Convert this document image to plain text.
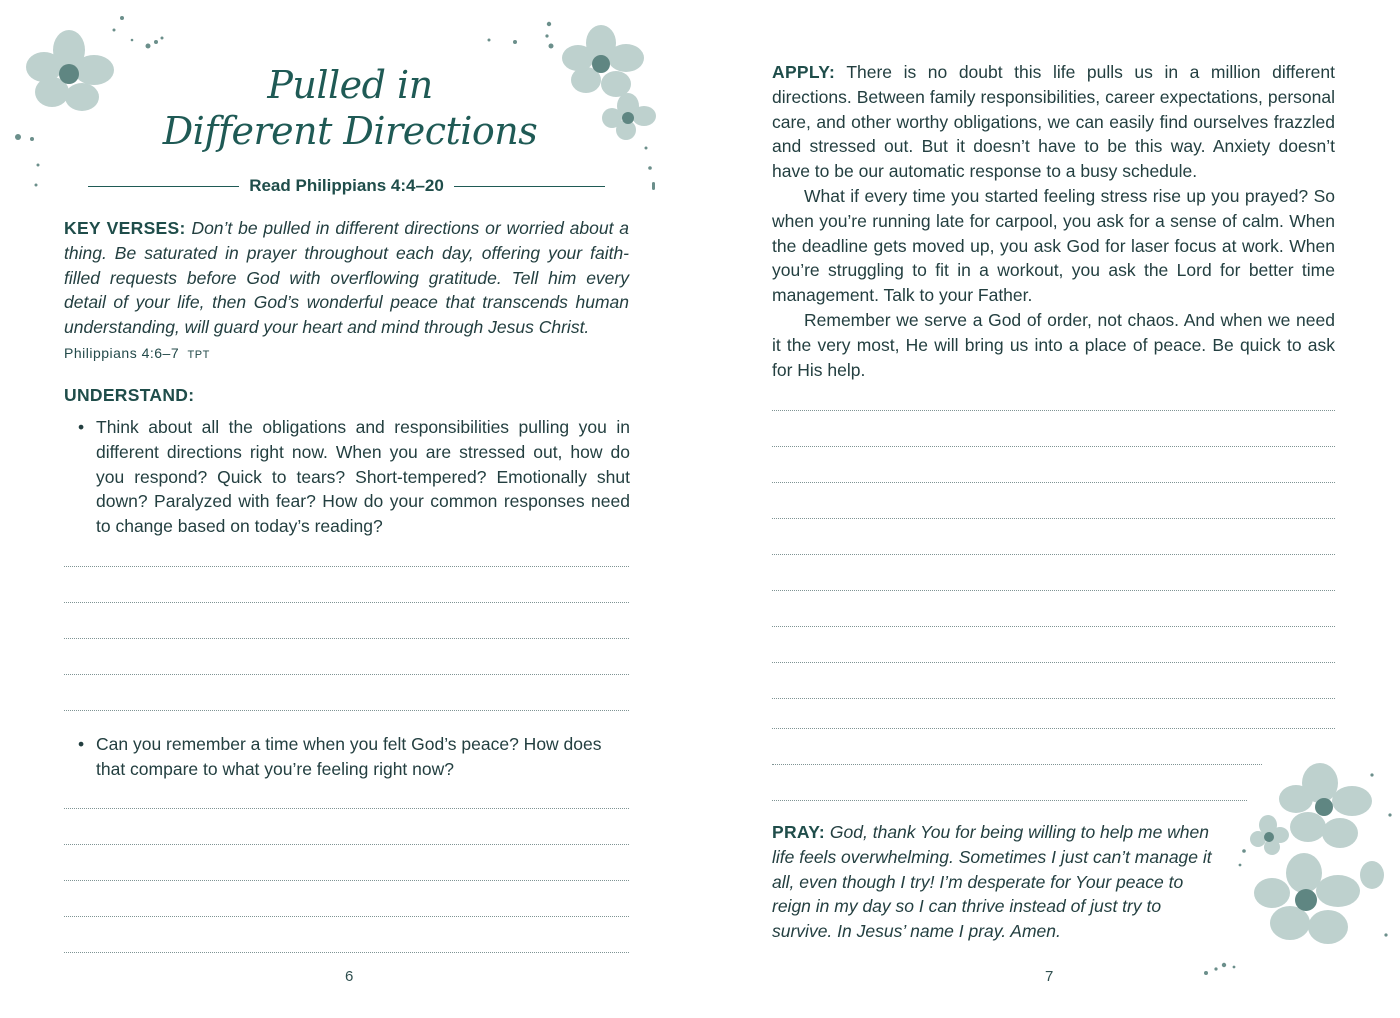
Pulled in
Different Directions
Read Philippians 4:4–20
KEY VERSES: Don’t be pulled in different directions or worried about a thing. Be saturated in prayer throughout each day, offering your faith-filled requests before God with overflowing gratitude. Tell him every detail of your life, then God’s wonderful peace that transcends human understanding, will guard your heart and mind through Jesus Christ.
Philippians 4:6–7 TPT
UNDERSTAND:
• Think about all the obligations and responsibilities pulling you in different directions right now. When you are stressed out, how do you respond? Quick to tears? Short-tempered? Emotionally shut down? Paralyzed with fear? How do your common responses need to change based on today’s reading?
• Can you remember a time when you felt God’s peace? How does that compare to what you’re feeling right now?
6
APPLY: There is no doubt this life pulls us in a million different directions. Between family responsibilities, career expectations, personal care, and other worthy obligations, we can easily find ourselves frazzled and stressed out. But it doesn’t have to be this way. Anxiety doesn’t have to be our automatic response to a busy schedule.
What if every time you started feeling stress rise up you prayed? So when you’re running late for carpool, you ask for a sense of calm. When the deadline gets moved up, you ask God for laser focus at work. When you’re struggling to fit in a workout, you ask the Lord for better time management. Talk to your Father.
Remember we serve a God of order, not chaos. And when we need it the very most, He will bring us into a place of peace. Be quick to ask for His help.
PRAY: God, thank You for being willing to help me when life feels overwhelming. Sometimes I just can’t manage it all, even though I try! I’m desperate for Your peace to reign in my day so I can thrive instead of just try to survive. In Jesus’ name I pray. Amen.
7
